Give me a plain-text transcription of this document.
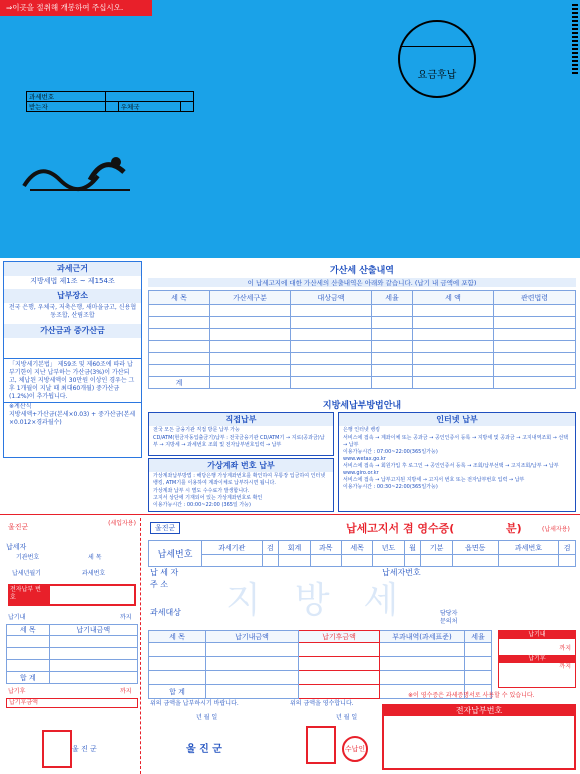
⇒이곳을 절취해 개봉하여 주십시오.
요금후납
과세번호			
받는자		우체국	
과세근거
지방세법 제1조 ~ 제154조
납부장소
전국 은행, 우체국, 저축은행, 새마을금고, 신용협동조합, 산림조합
가산금과 중가산금
「지방세기본법」 제59조 및 제60조에 따라 납부기한이 지난 납부하는 가산금(3%)이 가산되고, 체납된 지방세액이 30만원 이상인 경우는 그 후 1개월이 지날 때 최대60개월) 중가산금(1.2%)이 추가됩니다.
※계산식
지방세액+가산금(본세×0.03) + 중가산금(본세×0.012×경과월수)
가산세 산출내역
이 납세고지에 대한 가산세의 산출내역은 아래와 같습니다. (납기 내 금액에 포함)
세 목	가산세구분	대상금액	세율	세 액	관련법령

계					
지방세납부방법안내
직접납부
전국 모든 금융기관 직접 방문 납부 가능
CD/ATM(현금자동입출금기)납부 : 전국금융기관 CD/ATM기 → 지로(공과금)납부 → 지방세 → 과세번호 조회 및 전자납부번호입력 → 납부
가상계좌 번호 납부
가상계좌납부방법 : 해당은행 가상계좌번호를 확인하여 무통장 입금하여 인터넷뱅킹, ATM기를 이용하여 계좌이체로 납부하시면 됩니다.
가상계좌 납부 시 별도 수수료가 발생합니다.
고지서 상단에 기재되어 있는 가상계좌번호로 확인
이용가능시간 : 00:00~22:00 (365일 가능)
인터넷 납부
은행 인터넷 뱅킹
서비스에 접속 → 계좌이체 또는 공과금 → 공인인증서 등록 → 지방세 및 공과금 → 고지내역조회 → 선택 → 납부
이용가능시간 : 07:00~22:00(365일가능)
www.wetax.go.kr
서비스에 접속 → 회원가입 후 로그인 → 공인인증서 등록 → 조회/납부선택 → 고지조회/납부 → 납부
www.giro.or.kr
서비스에 접속 → 납부고지된 지방세 → 고지서 번호 또는 전자납부번호 입력 → 납부
이용가능시간 : 00:30~22:00(365일가능)
울진군	(세입자용)
납세자
기관번호	세 목
납세년월기	과세번호
전자납부 번호
납기내	까지
세 목	납기내금액

합 계	
납기후	까지
납기후금액
울 진 군
지방세
울진군	납세고지서 겸 영수증(	분)	(납세자용)
납세번호	과세기관	검	회계	과목	세목	년도	월	기분	읍면동	과세번호	검

납 세 자
주 소
납세자번호
과세대상	담당자
문의처
세 목	납기내금액	납기후금액	부과내역(과세표준)	세율

합 계				
납기내
까지
납기후
까지
※이 영수증은 과세증명서로 사용할 수 있습니다.
위의 금액을 납부하시기 바랍니다.
년 월 일
위의 금액을 영수합니다.
년 월 일
울 진 군	수납인
전자납부번호
